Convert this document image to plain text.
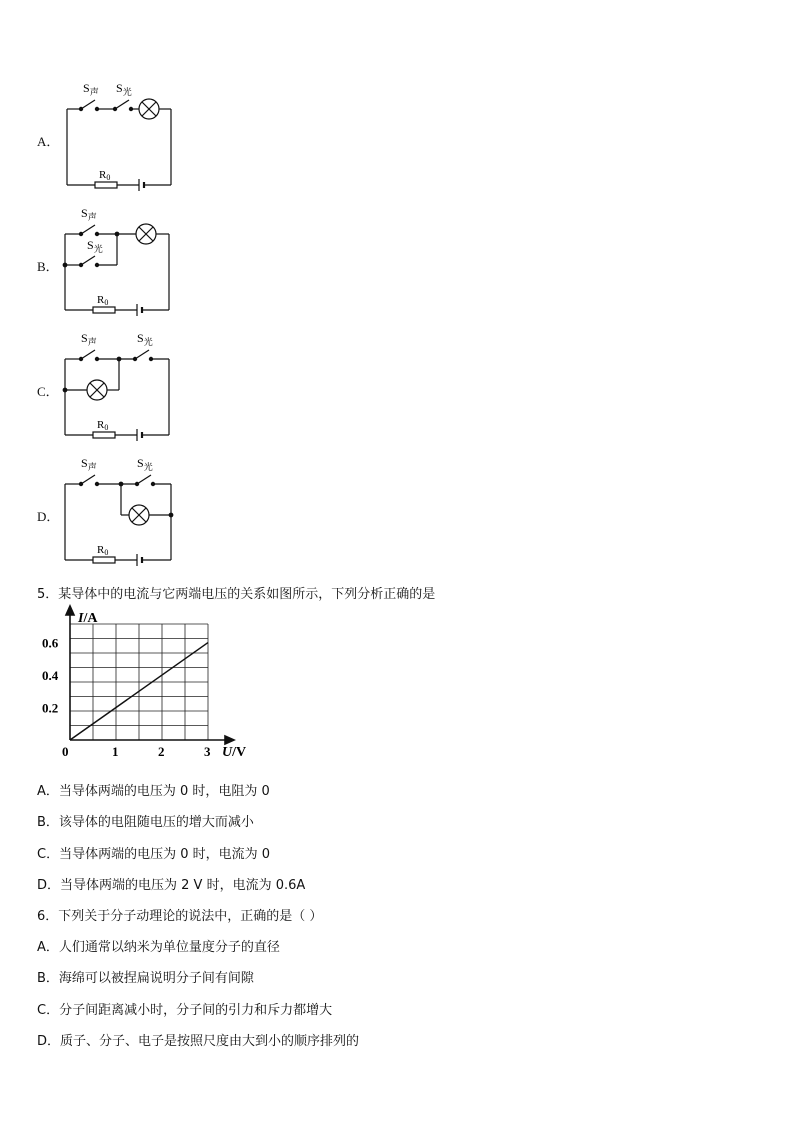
A．
$S_声$ $S_光$
R0
B．
$S_声$
$S_光$
R0
C．
$S_声$	$S_光$
R0
D．
$S_声$	$S_光$
R0
5．某导体中的电流与它两端电压的关系如图所示，下列分析正确的是
1	2	3
0.2
0.4
0.6
0	U/V
I/A
A．当导体两端的电压为 0 时，电阻为 0
B．该导体的电阻随电压的增大而减小
C．当导体两端的电压为 0 时，电流为 0
D．当导体两端的电压为 2 V 时，电流为 0.6A
6．下列关于分子动理论的说法中，正确的是（ ）
A．人们通常以纳米为单位量度分子的直径
B．海绵可以被捏扁说明分子间有间隙
C．分子间距离减小时，分子间的引力和斥力都增大
D．质子、分子、电子是按照尺度由大到小的顺序排列的
